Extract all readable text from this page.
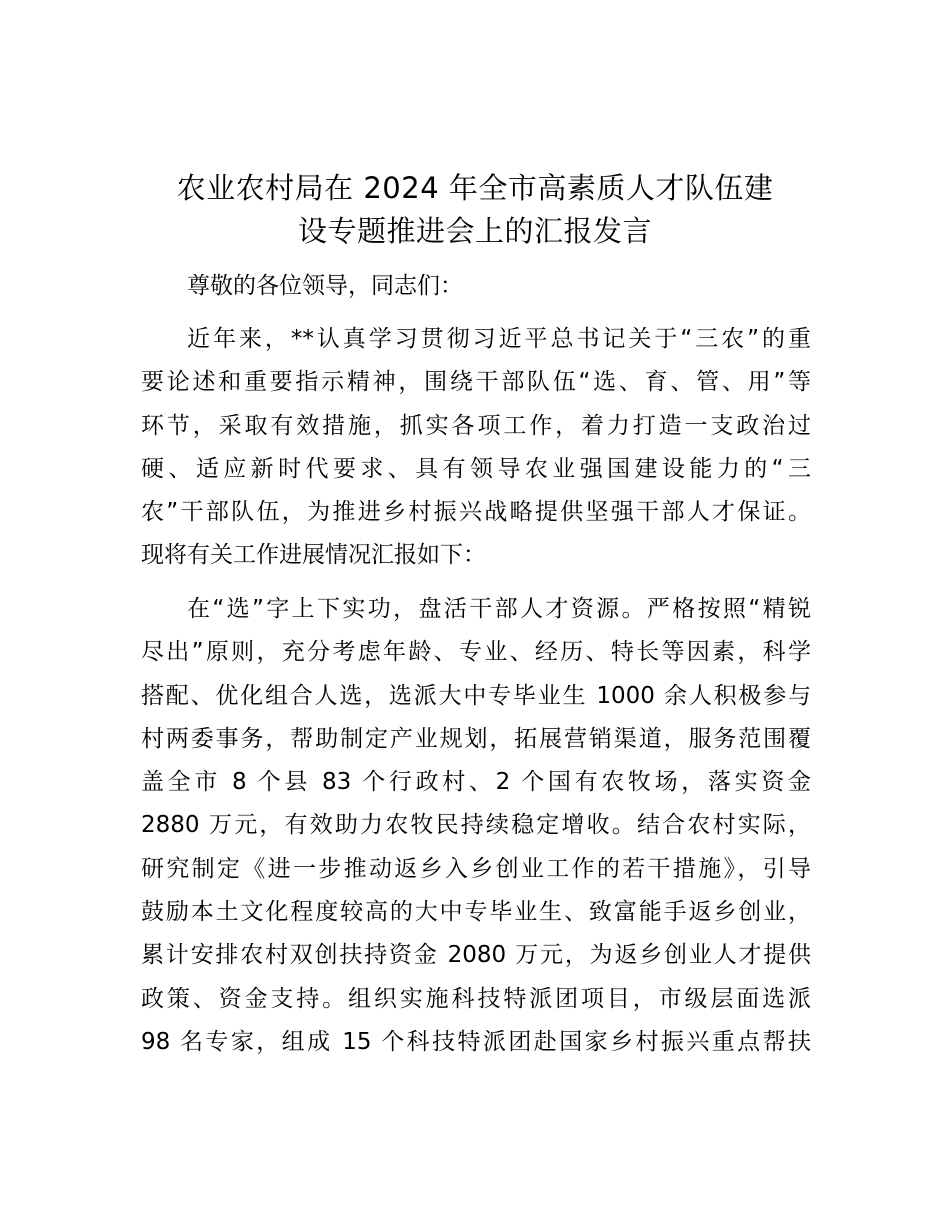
农业农村局在 2024 年全市高素质人才队伍建
设专题推进会上的汇报发言
尊敬的各位领导，同志们：
近年来，**认真学习贯彻习近平总书记关于“三农”的重
要论述和重要指示精神，围绕干部队伍“选、育、管、用”等
环节，采取有效措施，抓实各项工作，着力打造一支政治过
硬、适应新时代要求、具有领导农业强国建设能力的“三
农”干部队伍，为推进乡村振兴战略提供坚强干部人才保证。
现将有关工作进展情况汇报如下：
在“选”字上下实功，盘活干部人才资源。严格按照“精锐
尽出”原则，充分考虑年龄、专业、经历、特长等因素，科学
搭配、优化组合人选，选派大中专毕业生 1000 余人积极参与
村两委事务，帮助制定产业规划，拓展营销渠道，服务范围覆
盖全市 8 个县 83 个行政村、2 个国有农牧场，落实资金
2880 万元，有效助力农牧民持续稳定增收。结合农村实际，
研究制定《进一步推动返乡入乡创业工作的若干措施》，引导
鼓励本土文化程度较高的大中专毕业生、致富能手返乡创业，
累计安排农村双创扶持资金 2080 万元，为返乡创业人才提供
政策、资金支持。组织实施科技特派团项目，市级层面选派
98 名专家，组成 15 个科技特派团赴国家乡村振兴重点帮扶
